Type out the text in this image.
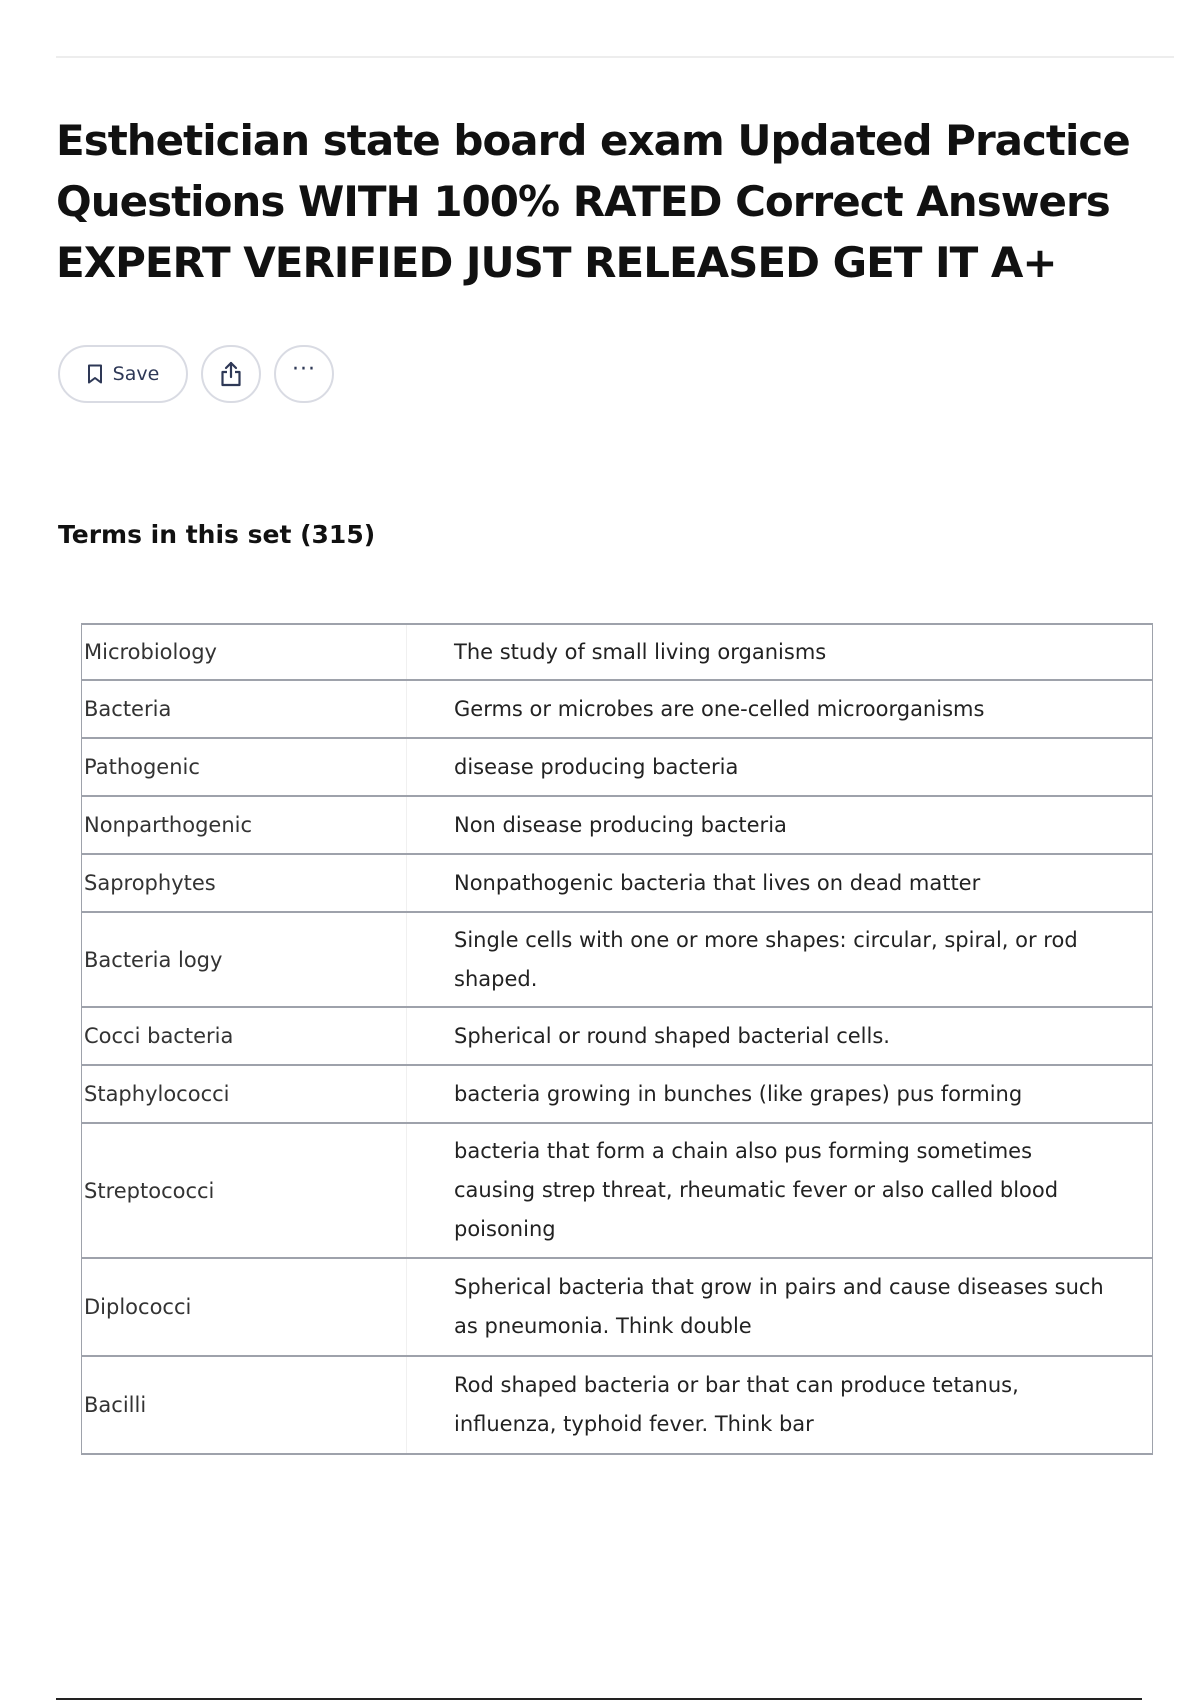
Esthetician state board exam Updated Practice Questions WITH 100% RATED Correct Answers EXPERT VERIFIED JUST RELEASED GET IT A+
Save	···
Terms in this set (315)
Microbiology	The study of small living organisms
Bacteria	Germs or microbes are one-celled microorganisms
Pathogenic	disease producing bacteria
Nonparthogenic	Non disease producing bacteria
Saprophytes	Nonpathogenic bacteria that lives on dead matter
Bacteria logy	Single cells with one or more shapes: circular, spiral, or rod shaped.
Cocci bacteria	Spherical or round shaped bacterial cells.
Staphylococci	bacteria growing in bunches (like grapes) pus forming
Streptococci	bacteria that form a chain also pus forming sometimes causing strep threat, rheumatic fever or also called blood poisoning
Diplococci	Spherical bacteria that grow in pairs and cause diseases such as pneumonia. Think double
Bacilli	Rod shaped bacteria or bar that can produce tetanus, influenza, typhoid fever. Think bar
